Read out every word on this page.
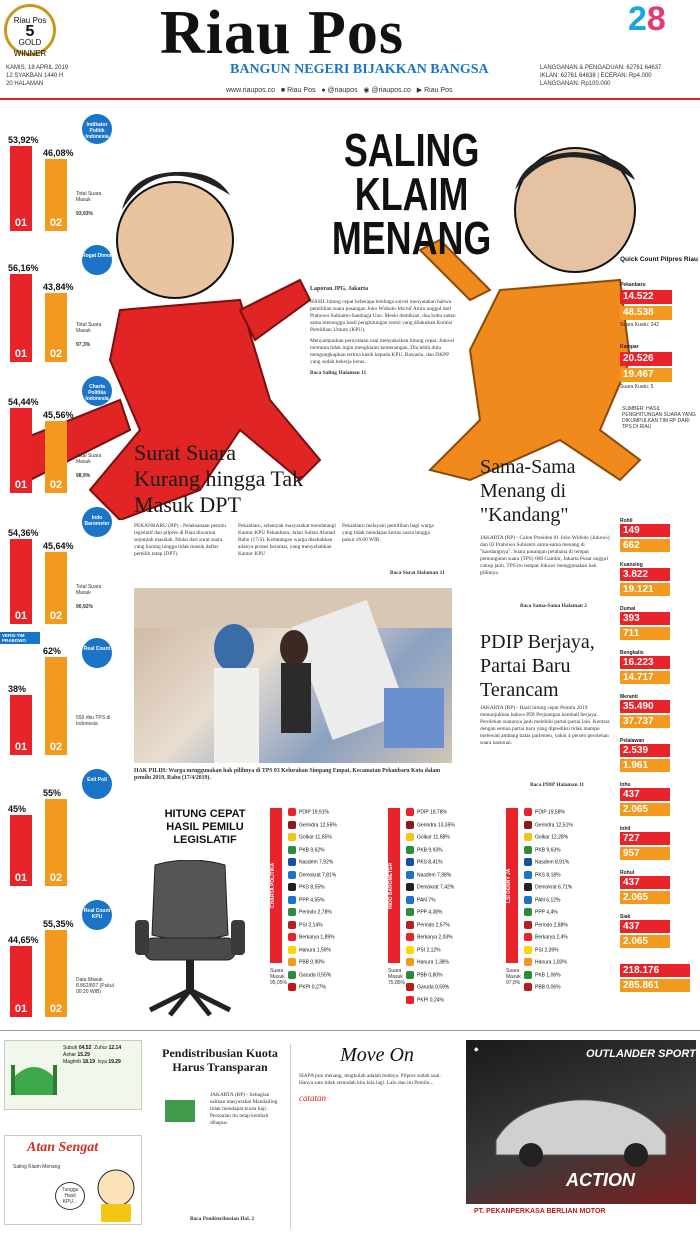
Riau Pos
5
GOLD WINNER Riau Pos	28
BANGUN NEGERI BIJAKKAN BANGSA
KAMIS, 18 APRIL 2019
12 SYAKBAN 1440 H
20 HALAMAN
LANGGANAN & PENGADUAN: 62761 64637
IKLAN: 62761 64638 | ECERAN: Rp4.000
LANGGANAN: Rp100.000
www.riaupos.co ■ Riau Pos ● @riaupos ◉ @riaupos.co ▶ Riau Pos
SALING
KLAIM
MENANG
Laporan JPG, Jakarta
HASIL hitung cepat beberapa lembaga survei menyatakan bahwa pemilihan suara pasangan Joko Widodo-Ma'ruf Amin unggul dari Prabowo Subianto-Sandiaga Uno. Meski demikian, dua kubu sama-sama menunggu hasil penghitungan resmi yang dilakukan Komisi Pemilihan Umum (KPU).
Menyampaikan pernyataan usai menyaksikan hitung cepat, Jokowi meminta tidak ingin mengklaim kemenangan. Dia lebih dulu mengungkapkan terima kasih kepada KPU, Bawaslu, dan DKPP yang sudah bekerja keras.
Baca Saling Halaman 11
01
53,92%
02
46,08%
Indikator Politik Indonesia
Total Suara Masuk
93,93%
01
56,16%
02
43,84%
Rogat Dimor
Total Suara Masuk
97,3%
01
54,44%
02
45,56%
Charta Politika Indonesia
Total Suara Masuk
98,9%
01
54,36%
02
45,64%
Indo Barometer
Total Suara Masuk
90,92%
01
38%
02
62%	Real Count
VERSI TIM PRABOWO
593 ribu TPS di Indonesia
01
45%
02
55%
Exit Poll
01
44,65%
02
55,35%
Real Count KPU
Data Masuk 8.862/807 (Pukul 00:20 WIB)
Surat Suara Kurang hingga Tak Masuk DPT
PEKANBARU (RP) - Pelaksanaan pemilu legislatif dan pilpres di Riau diwarnai sejumlah masalah. Mulai dari surat suara yang kurang hingga tidak masuk daftar pemilih tetap (DPT).
Pekanbaru, sebanyak masyarakat mendatangi Kantor KPU Pekanbaru, Jalan Sultan Ahmad Rahn (17/4). Kedatangan warga disebabkan adanya proses berantai, yang menyebabkan Kantor KPU
Pekanbaru melayani pemilihan bagi warga yang tidak mendapat kertas suara hingga pukul 16.00 WIB.
Baca Surat Halaman 11
HAK PILIH: Warga menggunakan hak pilihnya di TPS 03 Kelurahan Simpang Empat, Kecamatan Pekanbaru Kota dalam pemilu 2019, Rabu (17/4/2019).
Sama-Sama Menang di "Kandang"
JAKARTA (RP) - Calon Presiden 01 Joko Widodo (Jokowi) dan 02 Prabowo Subianto sama-sama menang di "kandangnya". Suara pasangan petahana di tempat pemungutan suara (TPS) 008 Gambir, Jakarta Pusat unggul cukup jauh. TPS itu tempat Jokowi menggunakan hak pilihnya.
Baca Sama-Sama Halaman 2
PDIP Berjaya, Partai Baru Terancam
JAKARTA (RP) - Hasil hitung cepat Pemilu 2019 menunjukkan bahwa PDI Perjuangan kembali berjaya. Perolehan suaranya jauh melebihi partai-partai lain. Kontras dengan semua partai baru yang diprediksi tidak mampu melewati ambang batas parlemen, yakni 4 persen perolehan suara nasional.
Baca PDIP Halaman 11
Quick Count Pilpres Riau
Pekanbaru
14.522
48.538
Suara Kuatu: 242
Kampar
20.526
19.467
Suara Kuatu: 5
SUMBER: HASIL PENGHITUNGAN SUARA YANG DIKUMPULKAN TIM RP DARI TPS DI RIAU
Rohil
149
662
Kuansing
3.822
19.121
Dumai
393
711
Bengkalis
16.223
14.717
Meranti
35.490
37.737
Pelalawan
2.539
1.961
Inhu
437
2.065
Inhil
727
957
Rohul
437
2.065
Siak
437
2.065
218.176
285.861
HITUNG CEPAT
HASIL PEMILU
LEGISLATIF
CHARTA POLITIKA
PDIP 19,91%
Gerindra 12,56%
Golkar 11,65%
PKB 9,62%
Nasdem 7,92%
Demokrat 7,81%
PKS 8,55%
PPP 4,55%
Perindo 2,78%
PSI 2,14%
Berkarya 1,89%
Hanura 1,59%
PBB 0,90%
Garuda 0,55%
PKPI 0,27%
Suara Masuk 95,05%
INDO BAROMETER
PDIP 19,78%
Gerindra 13,35%
Golkar 11,68%
PKB 9,93%
PKS 8,41%
Nasdem 7,98%
Demokrat 7,42%
PAN 7%
PPP 4,38%
Perindo 2,57%
Berkarya 2,03%
PSI 2,12%
Hanura 1,38%
PBB 0,80%
Garuda 0,59%
PKPI 0,24%
Suara Masuk 75,85%
LSI DENNY JA
PDIP 19,58%
Gerindra 12,51%
Golkar 12,28%
PKB 9,63%
Nasdem 8,91%
PKS 8,18%
Demokrat 6,71%
PAN 6,12%
PPP 4,4%
Perindo 2,88%
Berkarya 2,4%
PSI 2,39%
Hanura 1,83%
PKB 1,06%
PBB 0,06%
Suara Masuk 97,8%
Subuh 04.52 Zuhur 12.14
Ashar 15.29
Maghrib 18.19 Isya 19.29
Atan Sengat
Saling Klaim Menang
Tunggu Hasil KPU...
Pendistribusian Kuota Harus Transparan
JAKARTA (RP) - Sebagian salinan masyarakat Mandailing tidak mendapat kuota haji. Persoalan itu tetap kembali dihapus.
Baca Pendistribusian Hal. 2
Move On
SIAPA pun menang, tengkulah adalah budaya. Pilpres sudah usai. Hanya satu tidak semudah kita kita lagi. Lalu dan itu Pemilu...
catatan
◆	OUTLANDER SPORT
ACTION
PT. PEKANPERKASA BERLIAN MOTOR
